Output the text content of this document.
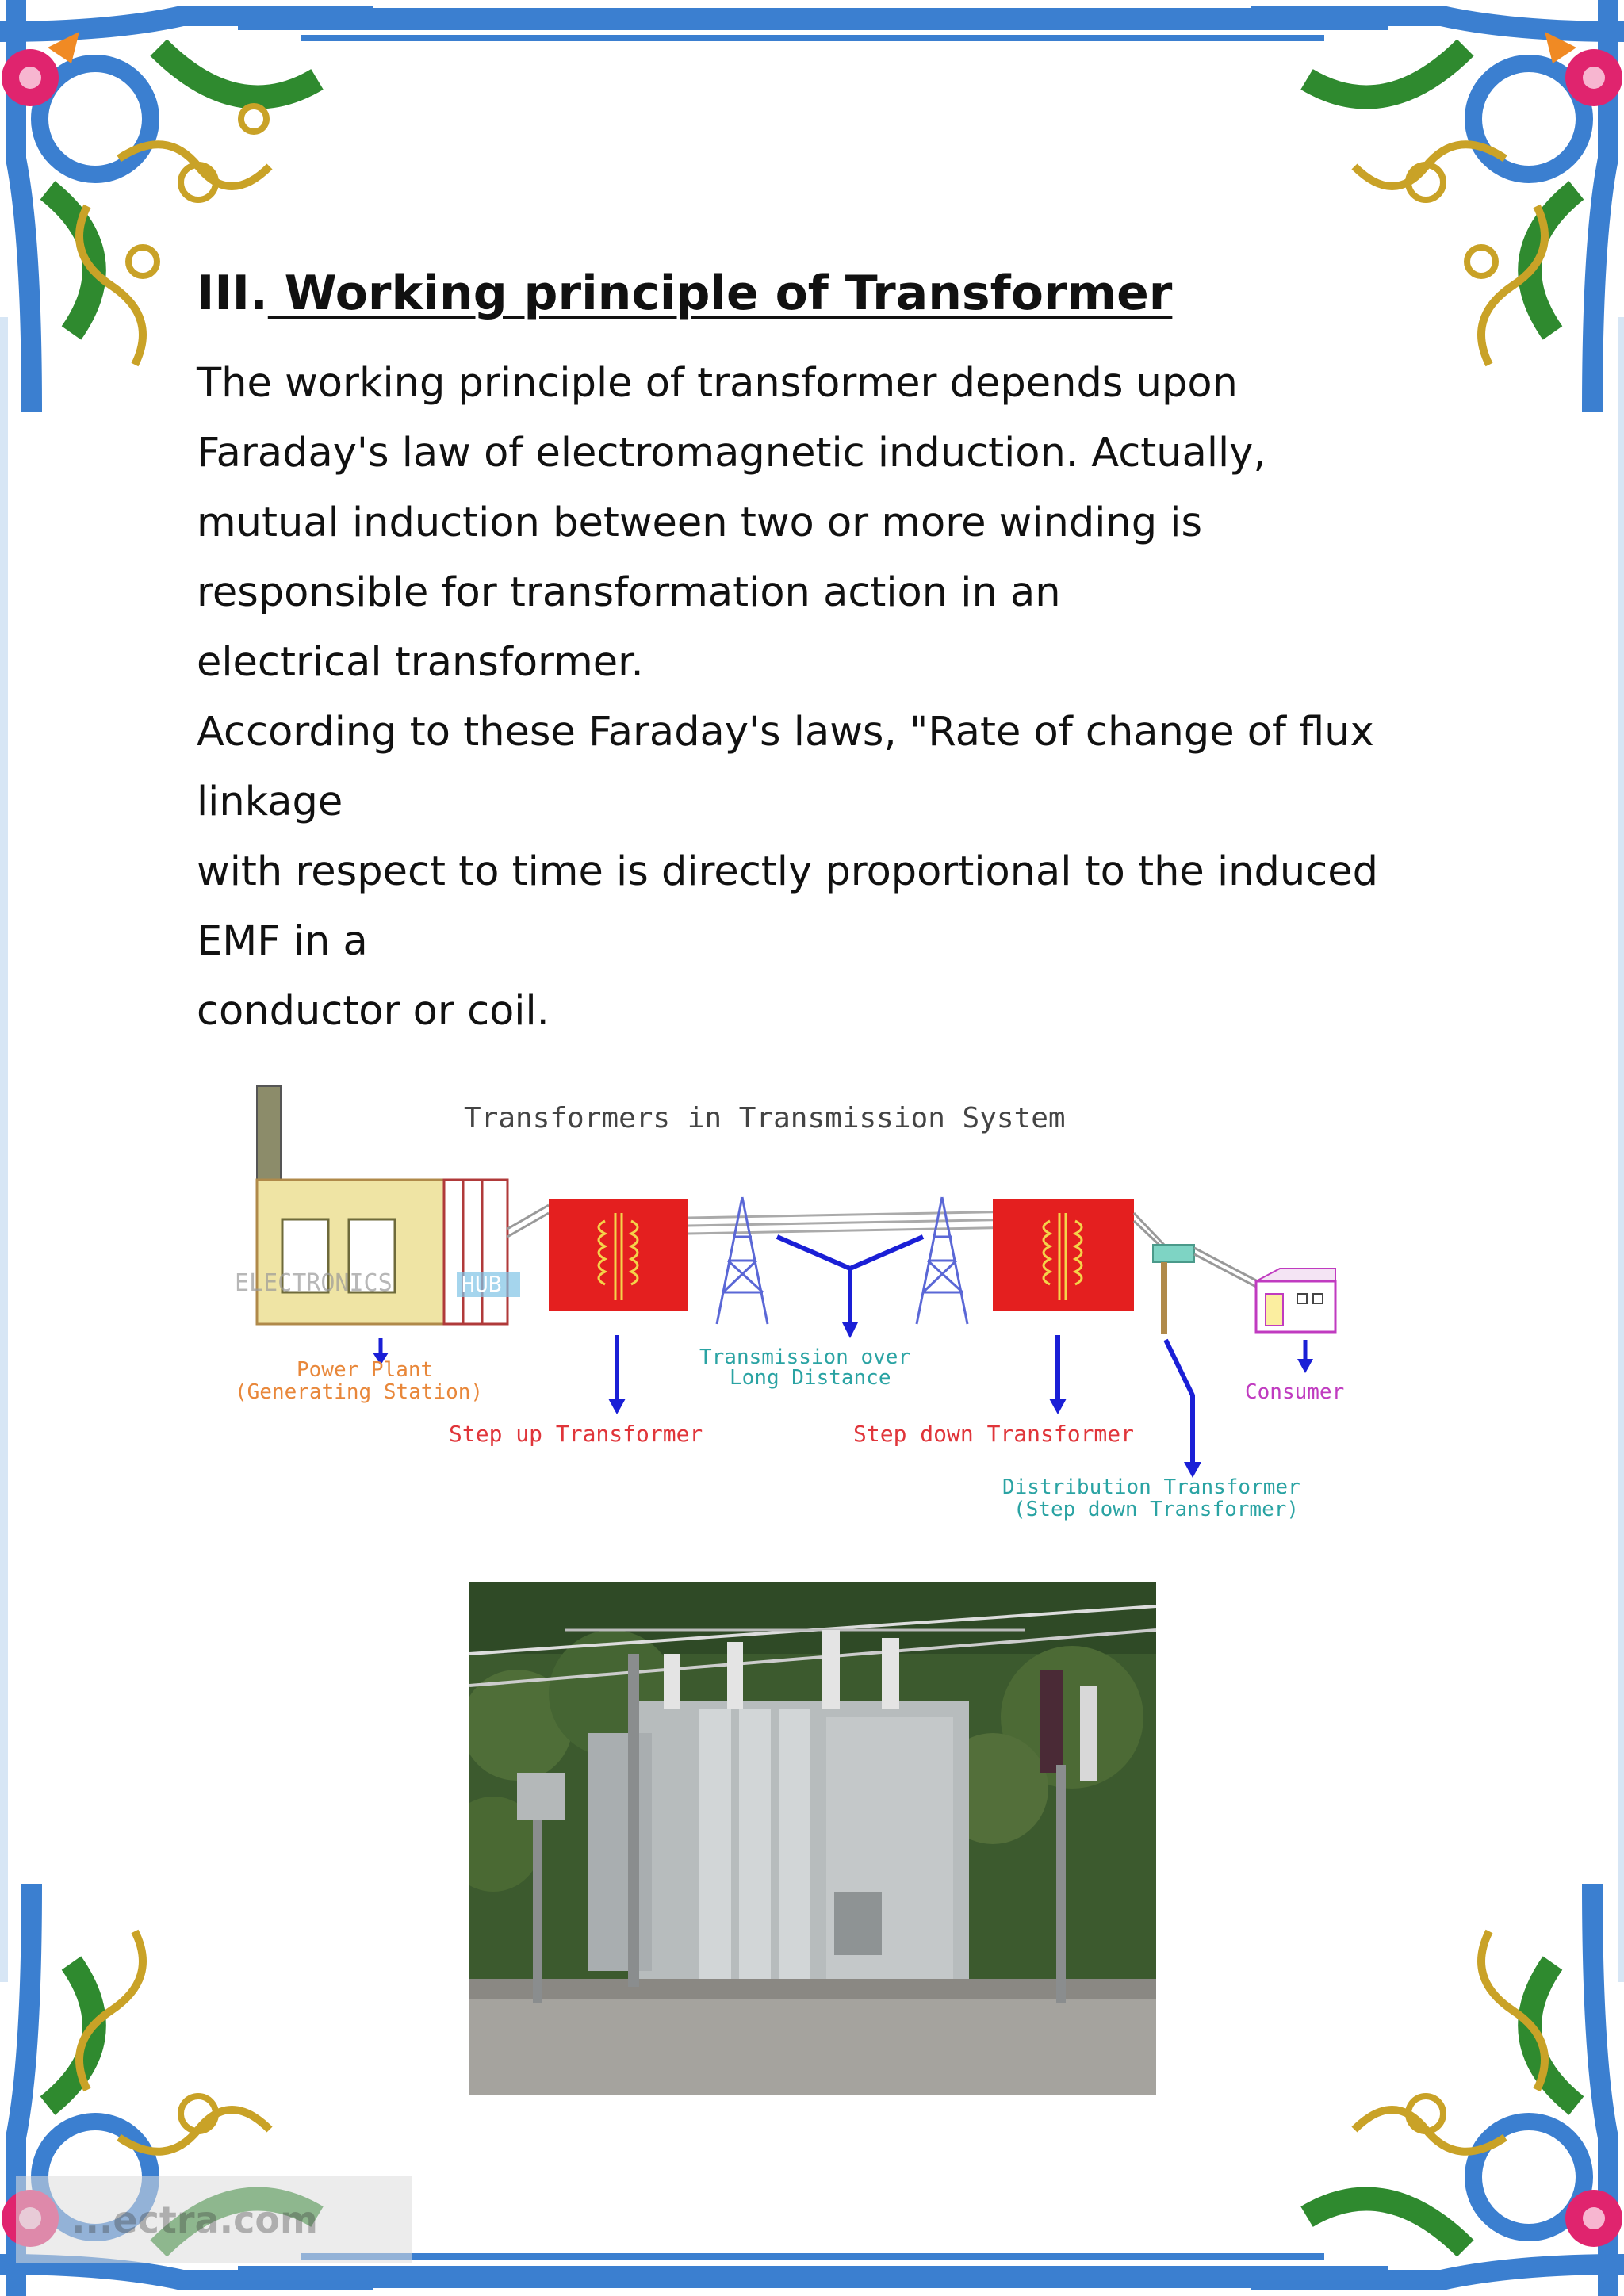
III. Working principle of Transformer
The working principle of transformer depends upon
Faraday's law of electromagnetic induction. Actually,
mutual induction between two or more winding is
responsible for transformation action in an
electrical transformer.
According to these Faraday's laws, "Rate of change of flux
linkage
with respect to time is directly proportional to the induced
EMF in a
conductor or coil.
Transformers in Transmission System
ELECTRONICS	HUB
Power Plant
(Generating Station)
Transmission over
Long Distance
Step up Transformer	Step down Transformer
Consumer
Distribution Transformer
(Step down Transformer)
...ectra.com
